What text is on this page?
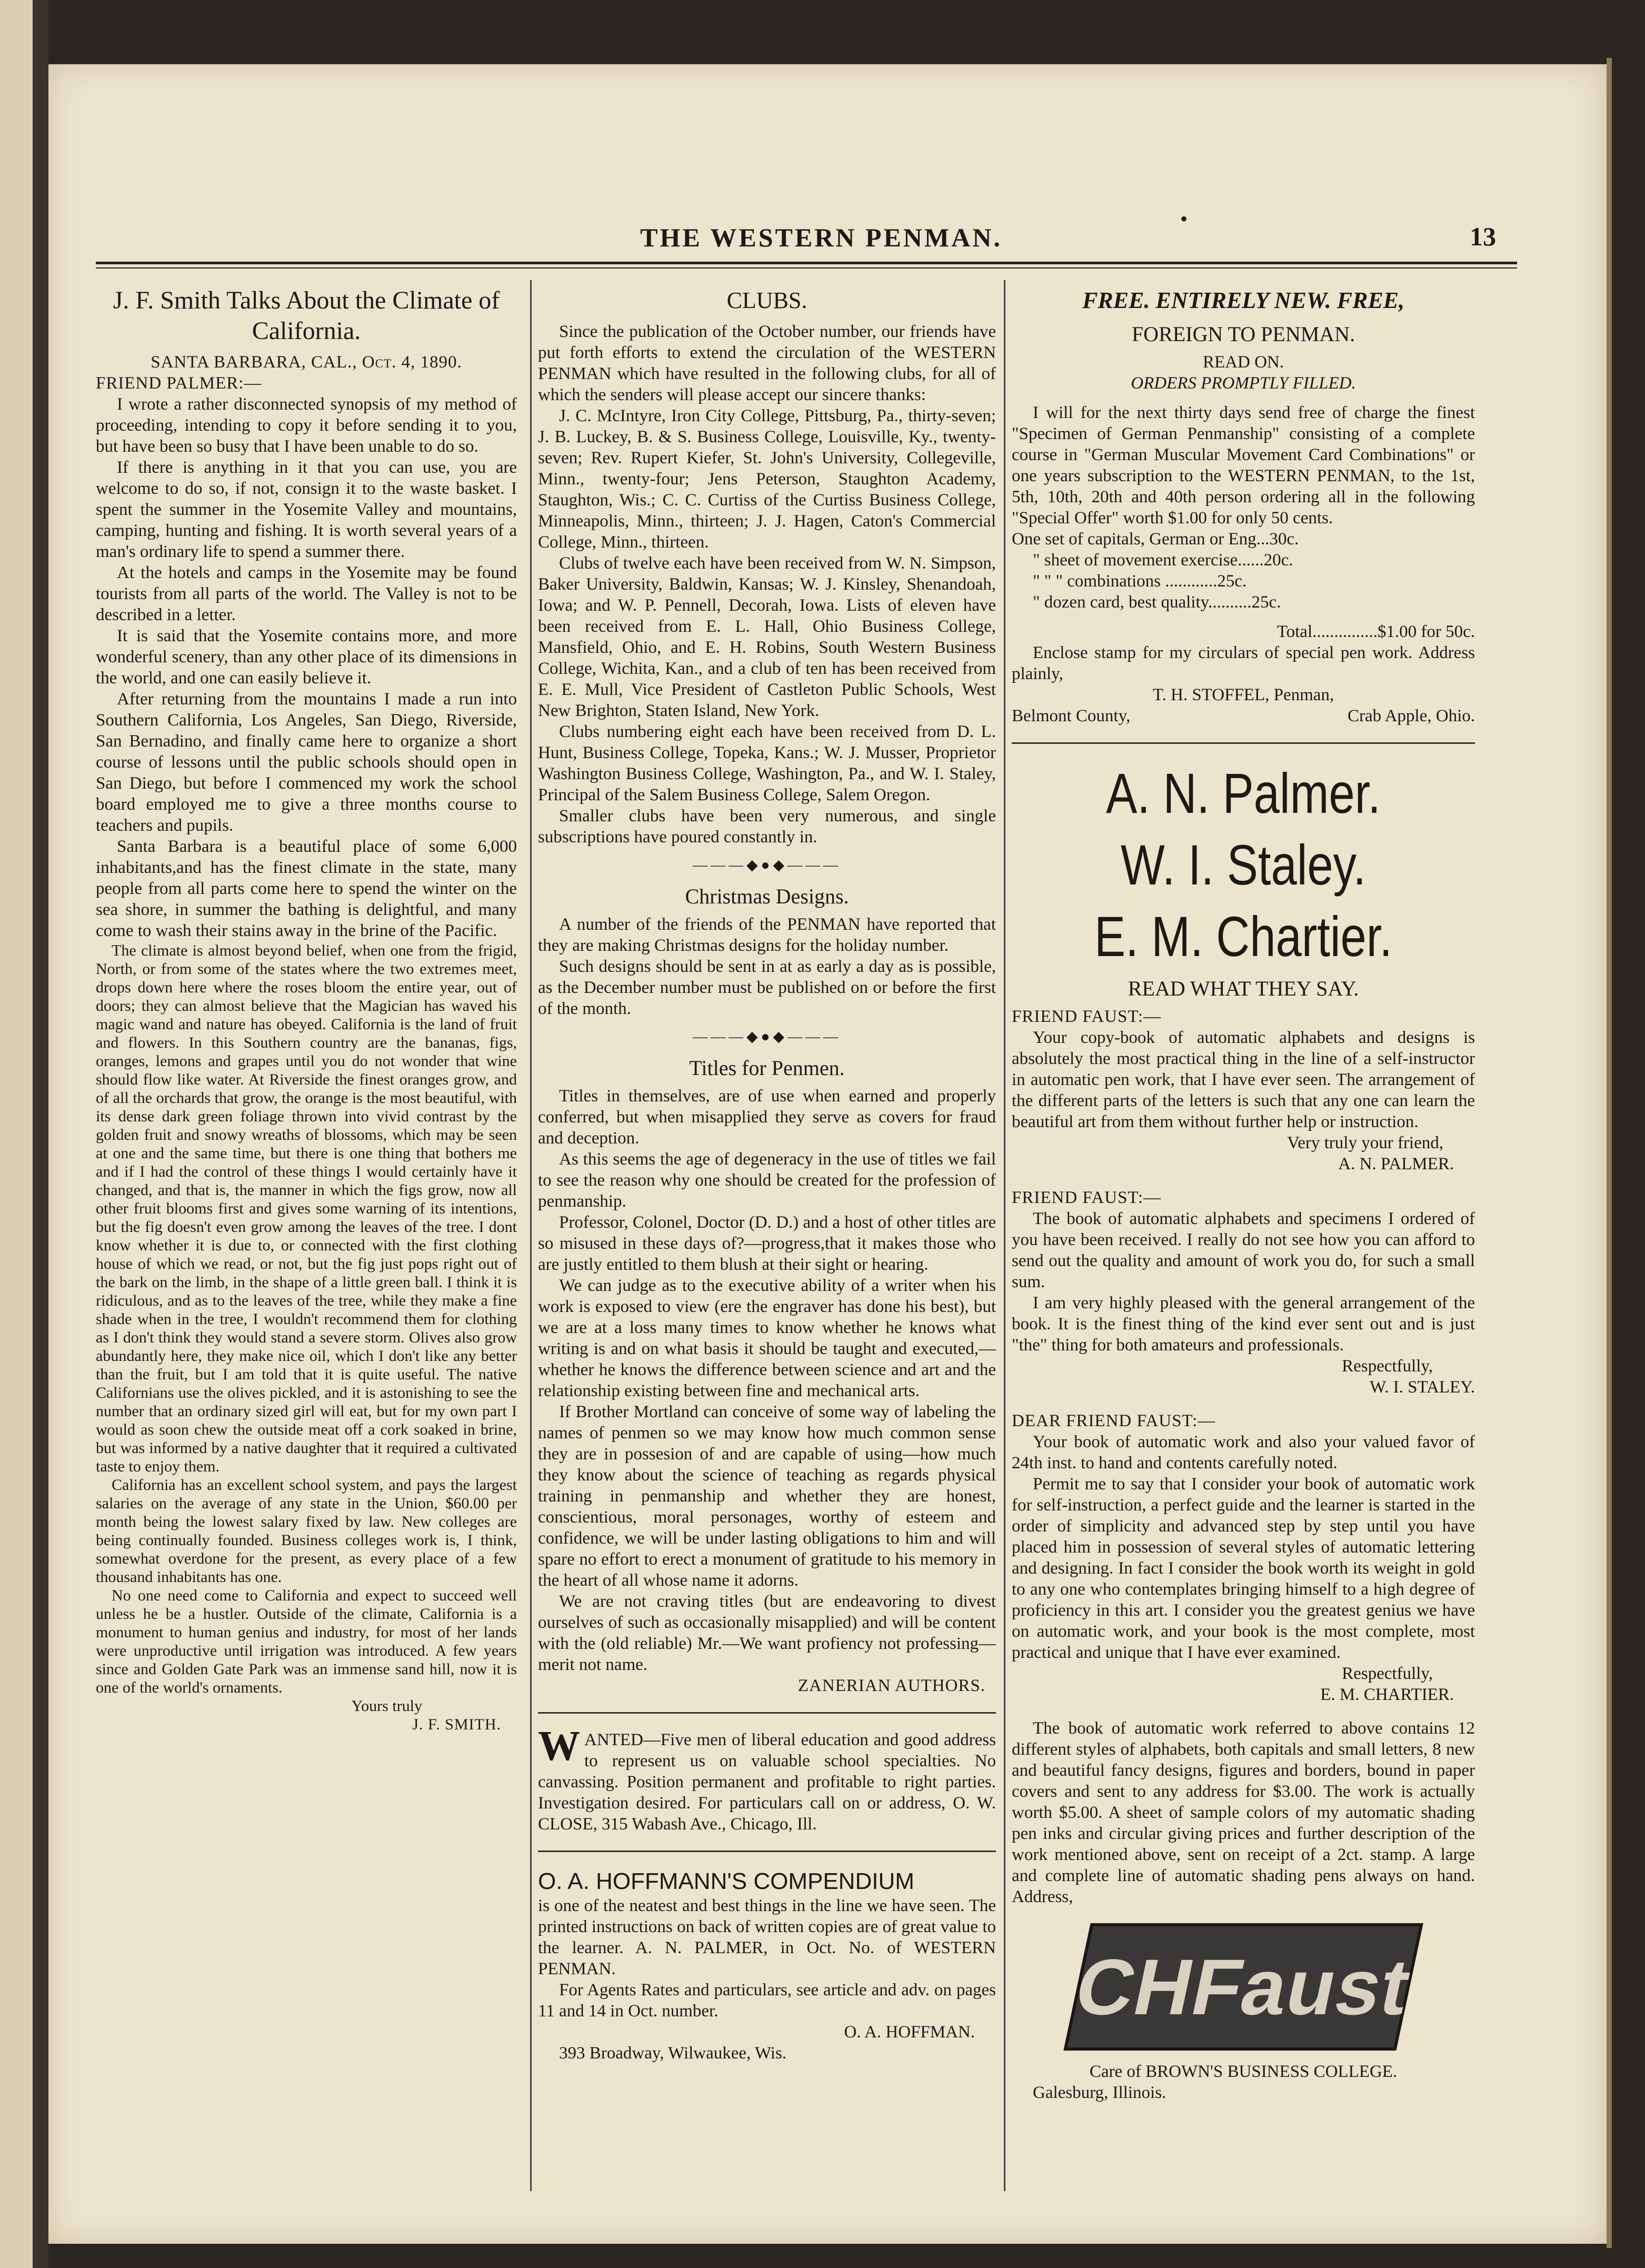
•
THE WESTERN PENMAN.	13
J. F. Smith Talks About the Climate of California.

SANTA BARBARA, CAL., Oct. 4, 1890.

FRIEND PALMER:—

I wrote a rather disconnected synopsis of my method of proceeding, intending to copy it before sending it to you, but have been so busy that I have been unable to do so.

If there is anything in it that you can use, you are welcome to do so, if not, consign it to the waste basket. I spent the summer in the Yosemite Valley and mountains, camping, hunting and fishing. It is worth several years of a man's ordinary life to spend a summer there.

At the hotels and camps in the Yosemite may be found tourists from all parts of the world. The Valley is not to be described in a letter.

It is said that the Yosemite contains more, and more wonderful scenery, than any other place of its dimensions in the world, and one can easily believe it.

After returning from the mountains I made a run into Southern California, Los Angeles, San Diego, Riverside, San Bernadino, and finally came here to organize a short course of lessons until the public schools should open in San Diego, but before I commenced my work the school board employed me to give a three months course to teachers and pupils.

Santa Barbara is a beautiful place of some 6,000 inhabitants,and has the finest climate in the state, many people from all parts come here to spend the winter on the sea shore, in summer the bathing is delightful, and many come to wash their stains away in the brine of the Pacific.

The climate is almost beyond belief, when one from the frigid, North, or from some of the states where the two extremes meet, drops down here where the roses bloom the entire year, out of doors; they can almost believe that the Magician has waved his magic wand and nature has obeyed. California is the land of fruit and flowers. In this Southern country are the bananas, figs, oranges, lemons and grapes until you do not wonder that wine should flow like water. At Riverside the finest oranges grow, and of all the orchards that grow, the orange is the most beautiful, with its dense dark green foliage thrown into vivid contrast by the golden fruit and snowy wreaths of blossoms, which may be seen at one and the same time, but there is one thing that bothers me and if I had the control of these things I would certainly have it changed, and that is, the manner in which the figs grow, now all other fruit blooms first and gives some warning of its intentions, but the fig doesn't even grow among the leaves of the tree. I dont know whether it is due to, or connected with the first clothing house of which we read, or not, but the fig just pops right out of the bark on the limb, in the shape of a little green ball. I think it is ridiculous, and as to the leaves of the tree, while they make a fine shade when in the tree, I wouldn't recommend them for clothing as I don't think they would stand a severe storm. Olives also grow abundantly here, they make nice oil, which I don't like any better than the fruit, but I am told that it is quite useful. The native Californians use the olives pickled, and it is astonishing to see the number that an ordinary sized girl will eat, but for my own part I would as soon chew the outside meat off a cork soaked in brine, but was informed by a native daughter that it required a cultivated taste to enjoy them.

California has an excellent school system, and pays the largest salaries on the average of any state in the Union, $60.00 per month being the lowest salary fixed by law. New colleges are being continually founded. Business colleges work is, I think, somewhat overdone for the present, as every place of a few thousand inhabitants has one.

No one need come to California and expect to succeed well unless he be a hustler. Outside of the climate, California is a monument to human genius and industry, for most of her lands were unproductive until irrigation was introduced. A few years since and Golden Gate Park was an immense sand hill, now it is one of the world's ornaments.

Yours truly

J. F. SMITH.

CLUBS.

Since the publication of the October number, our friends have put forth efforts to extend the circulation of the WESTERN PENMAN which have resulted in the following clubs, for all of which the senders will please accept our sincere thanks:

J. C. McIntyre, Iron City College, Pittsburg, Pa., thirty-seven; J. B. Luckey, B. & S. Business College, Louisville, Ky., twenty-seven; Rev. Rupert Kiefer, St. John's University, Collegeville, Minn., twenty-four; Jens Peterson, Staughton Academy, Staughton, Wis.; C. C. Curtiss of the Curtiss Business College, Minneapolis, Minn., thirteen; J. J. Hagen, Caton's Commercial College, Minn., thirteen.

Clubs of twelve each have been received from W. N. Simpson, Baker University, Baldwin, Kansas; W. J. Kinsley, Shenandoah, Iowa; and W. P. Pennell, Decorah, Iowa. Lists of eleven have been received from E. L. Hall, Ohio Business College, Mansfield, Ohio, and E. H. Robins, South Western Business College, Wichita, Kan., and a club of ten has been received from E. E. Mull, Vice President of Castleton Public Schools, West New Brighton, Staten Island, New York.

Clubs numbering eight each have been received from D. L. Hunt, Business College, Topeka, Kans.; W. J. Musser, Proprietor Washington Business College, Washington, Pa., and W. I. Staley, Principal of the Salem Business College, Salem Oregon.

Smaller clubs have been very numerous, and single subscriptions have poured constantly in.

———◆●◆———
Christmas Designs.

A number of the friends of the PENMAN have reported that they are making Christmas designs for the holiday number.

Such designs should be sent in at as early a day as is possible, as the December number must be published on or before the first of the month.

———◆●◆———
Titles for Penmen.

Titles in themselves, are of use when earned and properly conferred, but when misapplied they serve as covers for fraud and deception.

As this seems the age of degeneracy in the use of titles we fail to see the reason why one should be created for the profession of penmanship.

Professor, Colonel, Doctor (D. D.) and a host of other titles are so misused in these days of?—progress,that it makes those who are justly entitled to them blush at their sight or hearing.

We can judge as to the executive ability of a writer when his work is exposed to view (ere the engraver has done his best), but we are at a loss many times to know whether he knows what writing is and on what basis it should be taught and executed,—whether he knows the difference between science and art and the relationship existing between fine and mechanical arts.

If Brother Mortland can conceive of some way of labeling the names of penmen so we may know how much common sense they are in possesion of and are capable of using—how much they know about the science of teaching as regards physical training in penmanship and whether they are honest, conscientious, moral personages, worthy of esteem and confidence, we will be under lasting obligations to him and will spare no effort to erect a monument of gratitude to his memory in the heart of all whose name it adorns.

We are not craving titles (but are endeavoring to divest ourselves of such as occasionally misapplied) and will be content with the (old reliable) Mr.—We want profiency not professing—merit not name.

ZANERIAN AUTHORS.

WANTED—Five men of liberal education and good address to represent us on valuable school specialties. No canvassing. Position permanent and profitable to right parties. Investigation desired. For particulars call on or address, O. W. CLOSE, 315 Wabash Ave., Chicago, Ill.

O. A. HOFFMANN'S COMPENDIUM

is one of the neatest and best things in the line we have seen. The printed instructions on back of written copies are of great value to the learner. A. N. PALMER, in Oct. No. of WESTERN PENMAN.

For Agents Rates and particulars, see article and adv. on pages 11 and 14 in Oct. number.

O. A. HOFFMAN.

393 Broadway, Wilwaukee, Wis.

FREE. ENTIRELY NEW. FREE,
FOREIGN TO PENMAN.

READ ON.

ORDERS PROMPTLY FILLED.

I will for the next thirty days send free of charge the finest "Specimen of German Penmanship" consisting of a complete course in "German Muscular Movement Card Combinations" or one years subscription to the WESTERN PENMAN, to the 1st, 5th, 10th, 20th and 40th person ordering all in the following "Special Offer" worth $1.00 for only 50 cents.

One set of capitals, German or Eng...30c.

" sheet of movement exercise......20c.

" " " combinations ............25c.

" dozen card, best quality..........25c.

Total...............$1.00 for 50c.

Enclose stamp for my circulars of special pen work. Address plainly,

T. H. STOFFEL, Penman,

Belmont County,	Crab Apple, Ohio.
A. N. Palmer.
W. I. Staley.
E. M. Chartier.
READ WHAT THEY SAY.

FRIEND FAUST:—

Your copy-book of automatic alphabets and designs is absolutely the most practical thing in the line of a self-instructor in automatic pen work, that I have ever seen. The arrangement of the different parts of the letters is such that any one can learn the beautiful art from them without further help or instruction.

Very truly your friend,

A. N. PALMER.

FRIEND FAUST:—

The book of automatic alphabets and specimens I ordered of you have been received. I really do not see how you can afford to send out the quality and amount of work you do, for such a small sum.

I am very highly pleased with the general arrangement of the book. It is the finest thing of the kind ever sent out and is just "the" thing for both amateurs and professionals.

Respectfully,

W. I. STALEY.

DEAR FRIEND FAUST:—

Your book of automatic work and also your valued favor of 24th inst. to hand and contents carefully noted.

Permit me to say that I consider your book of automatic work for self-instruction, a perfect guide and the learner is started in the order of simplicity and advanced step by step until you have placed him in possession of several styles of automatic lettering and designing. In fact I consider the book worth its weight in gold to any one who contemplates bringing himself to a high degree of proficiency in this art. I consider you the greatest genius we have on automatic work, and your book is the most complete, most practical and unique that I have ever examined.

Respectfully,

E. M. CHARTIER.

The book of automatic work referred to above contains 12 different styles of alphabets, both capitals and small letters, 8 new and beautiful fancy designs, figures and borders, bound in paper covers and sent to any address for $3.00. The work is actually worth $5.00. A sheet of sample colors of my automatic shading pen inks and circular giving prices and further description of the work mentioned above, sent on receipt of a 2ct. stamp. A large and complete line of automatic shading pens always on hand. Address,

CHFaust

Care of BROWN'S BUSINESS COLLEGE.

Galesburg, Illinois.
